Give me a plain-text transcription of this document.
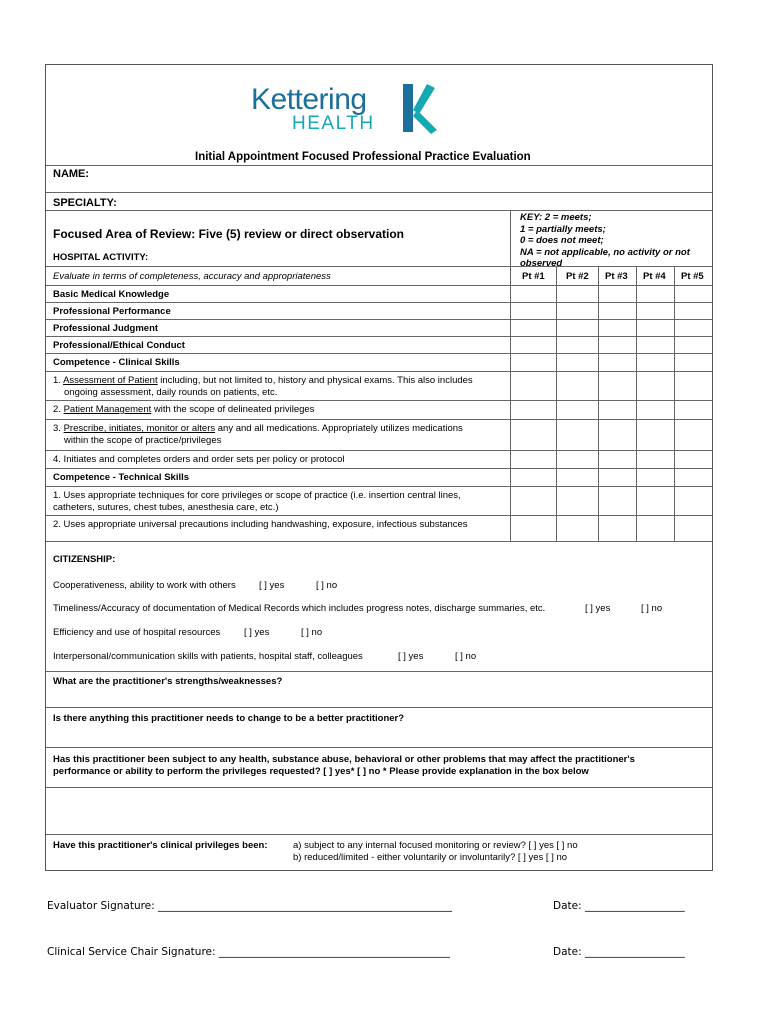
Kettering
HEALTH
Initial Appointment Focused Professional Practice Evaluation
NAME:
SPECIALTY:
Focused Area of Review: Five (5) review or direct observation
HOSPITAL ACTIVITY:
Evaluate in terms of completeness, accuracy and appropriateness
KEY: 2 = meets;
1 = partially meets;
0 = does not meet;
NA = not applicable, no activity or not
observed
Pt #1 Pt #2 Pt #3 Pt #4 Pt #5
Basic Medical Knowledge
Professional Performance
Professional Judgment
Professional/Ethical Conduct
Competence - Clinical Skills
1. Assessment of Patient including, but not limited to, history and physical exams. This also includes
ongoing assessment, daily rounds on patients, etc.
2. Patient Management with the scope of delineated privileges
3. Prescribe, initiates, monitor or alters any and all medications. Appropriately utilizes medications
within the scope of practice/privileges
4. Initiates and completes orders and order sets per policy or protocol
Competence - Technical Skills
1. Uses appropriate techniques for core privileges or scope of practice (i.e. insertion central lines,
catheters, sutures, chest tubes, anesthesia care, etc.)
2. Uses appropriate universal precautions including handwashing, exposure, infectious substances
CITIZENSHIP:
Cooperativeness, ability to work with others [ ] yes	[ ] no
Timeliness/Accuracy of documentation of Medical Records which includes progress notes, discharge summaries, etc.	[ ] yes	[ ] no
Efficiency and use of hospital resources	[ ] yes	[ ] no
Interpersonal/communication skills with patients, hospital staff, colleagues	[ ] yes	[ ] no
What are the practitioner's strengths/weaknesses?
Is there anything this practitioner needs to change to be a better practitioner?
Has this practitioner been subject to any health, substance abuse, behavioral or other problems that may affect the practitioner's
performance or ability to perform the privileges requested? [ ] yes* [ ] no * Please provide explanation in the box below
Have this practitioner's clinical privileges been:	a) subject to any internal focused monitoring or review? [ ] yes [ ] no
b) reduced/limited - either voluntarily or involuntarily? [ ] yes [ ] no
Evaluator Signature: ________________________________________________________	Date: ___________________
Clinical Service Chair Signature: ____________________________________________	Date: ___________________
